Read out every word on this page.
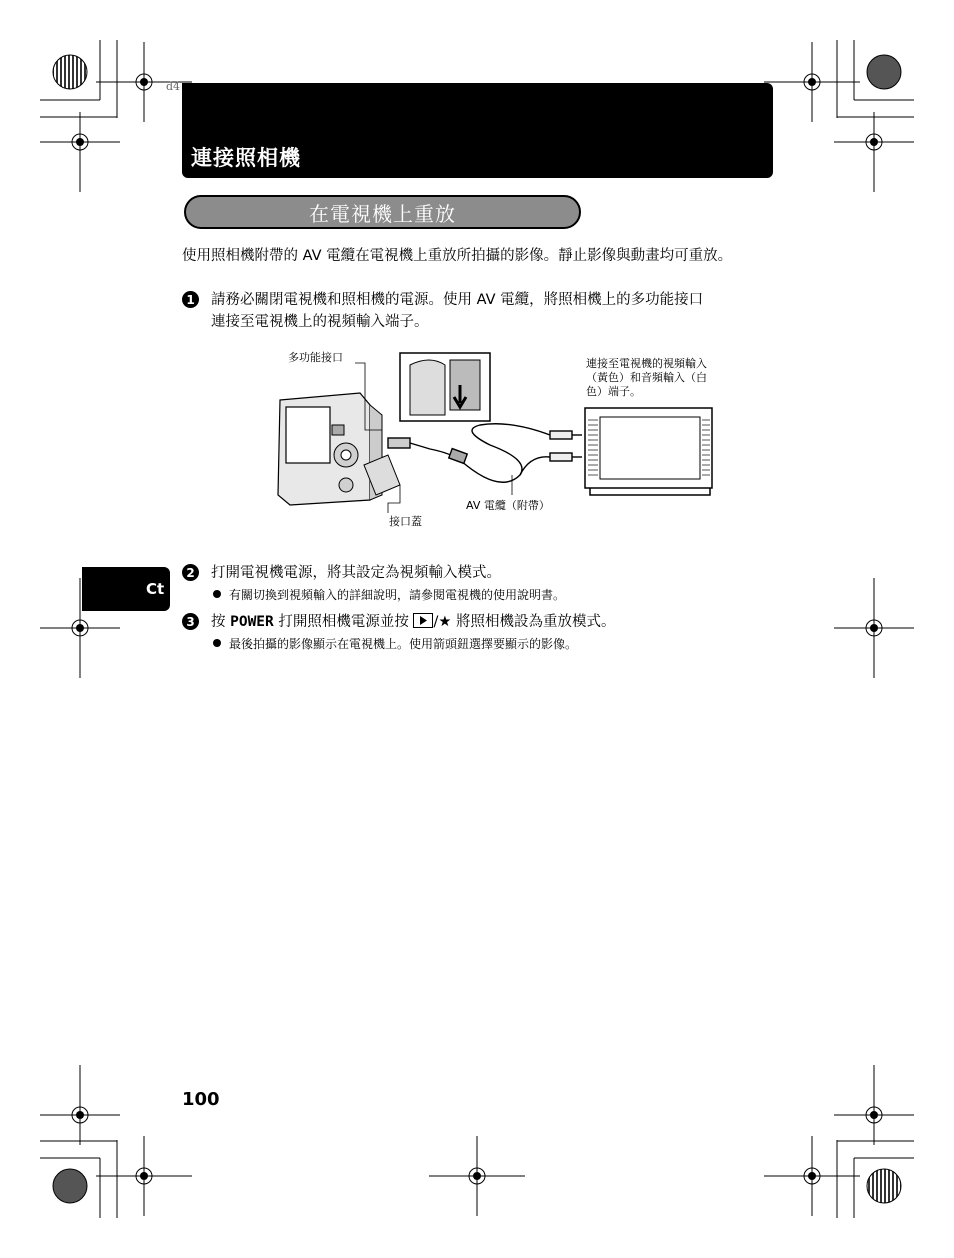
d4
連接照相機
在電視機上重放
使用照相機附帶的 AV 電纜在電視機上重放所拍攝的影像。靜止影像與動畫均可重放。
1 請務必關閉電視機和照相機的電源。使用 AV 電纜，將照相機上的多功能接口
連接至電視機上的視頻輸入端子。
多功能接口	連接至電視機的視頻輸入
（黃色）和音頻輸入（白
色）端子。
AV 電纜（附帶）
接口蓋
Ct
2 打開電視機電源，將其設定為視頻輸入模式。
有關切換到視頻輸入的詳細說明，請參閱電視機的使用說明書。
3 按 POWER 打開照相機電源並按 /★ 將照相機設為重放模式。
最後拍攝的影像顯示在電視機上。使用箭頭鈕選擇要顯示的影像。
100
